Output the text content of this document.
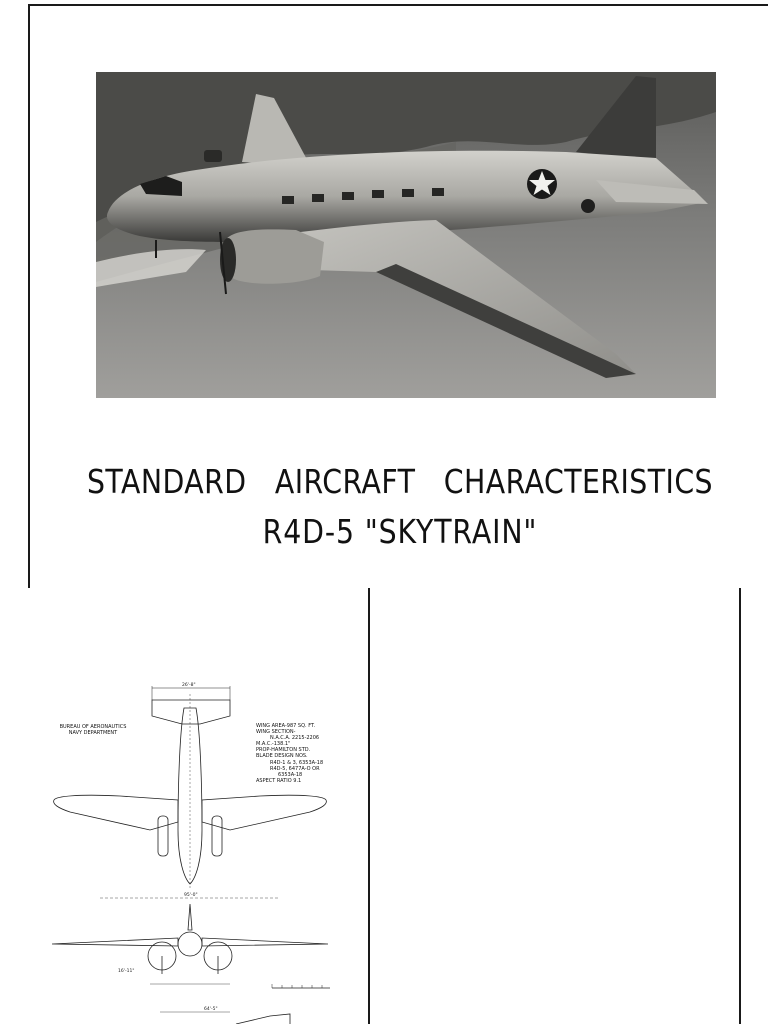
STANDARD AIRCRAFT CHARACTERISTICS
R4D-5 "SKYTRAIN"
26'-8"
95'-0"
16'-11"
64'-5"
BUREAU OF AERONAUTICS
NAVY DEPARTMENT
WING AREA-987 SQ. FT.
WING SECTION-
N.A.C.A. 2215-2206
M.A.C.-138.1"
PROP-HAMILTON STD.
BLADE DESIGN NOS.
R4D-1 & 3, 6353A-18
R4D-5, 6477A-O OR
6353A-18
ASPECT RATIO 9.1
